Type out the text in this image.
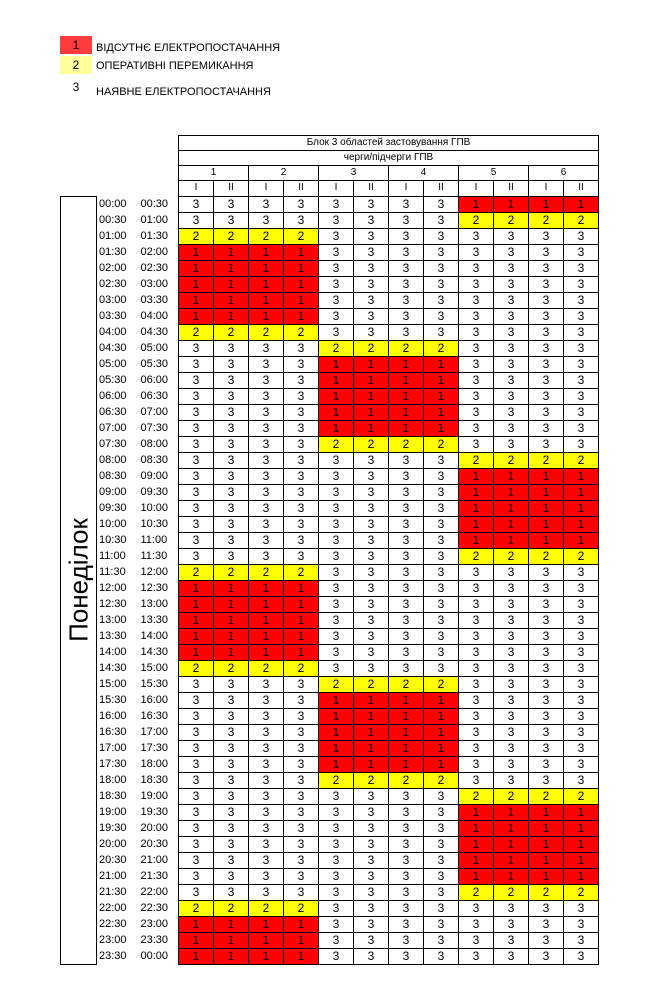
1	ВІДСУТНЄ ЕЛЕКТРОПОСТАЧАННЯ
2	ОПЕРАТИВНІ ПЕРЕМИКАННЯ
3	НАЯВНЕ ЕЛЕКТРОПОСТАЧАННЯ
			Блок 3 областей застовування ГПВ											
			черги/підчерги ГПВ											
			1		2		3		4		5		6	
			I	II	I	II	I	II	I	II	I	II	I	II

Понеділок	00:00	00:30	3	3	3	3	3	3	3	3	1	1	1	1
	00:30	01:00	3	3	3	3	3	3	3	3	2	2	2	2
	01:00	01:30	2	2	2	2	3	3	3	3	3	3	3	3
	01:30	02:00	1	1	1	1	3	3	3	3	3	3	3	3
	02:00	02:30	1	1	1	1	3	3	3	3	3	3	3	3
	02:30	03:00	1	1	1	1	3	3	3	3	3	3	3	3
	03:00	03:30	1	1	1	1	3	3	3	3	3	3	3	3
	03:30	04:00	1	1	1	1	3	3	3	3	3	3	3	3
	04:00	04:30	2	2	2	2	3	3	3	3	3	3	3	3
	04:30	05:00	3	3	3	3	2	2	2	2	3	3	3	3
	05:00	05:30	3	3	3	3	1	1	1	1	3	3	3	3
	05:30	06:00	3	3	3	3	1	1	1	1	3	3	3	3
	06:00	06:30	3	3	3	3	1	1	1	1	3	3	3	3
	06:30	07:00	3	3	3	3	1	1	1	1	3	3	3	3
	07:00	07:30	3	3	3	3	1	1	1	1	3	3	3	3
	07:30	08:00	3	3	3	3	2	2	2	2	3	3	3	3
	08:00	08:30	3	3	3	3	3	3	3	3	2	2	2	2
	08:30	09:00	3	3	3	3	3	3	3	3	1	1	1	1
	09:00	09:30	3	3	3	3	3	3	3	3	1	1	1	1
	09:30	10:00	3	3	3	3	3	3	3	3	1	1	1	1
	10:00	10:30	3	3	3	3	3	3	3	3	1	1	1	1
	10:30	11:00	3	3	3	3	3	3	3	3	1	1	1	1
	11:00	11:30	3	3	3	3	3	3	3	3	2	2	2	2
	11:30	12:00	2	2	2	2	3	3	3	3	3	3	3	3
	12:00	12:30	1	1	1	1	3	3	3	3	3	3	3	3
	12:30	13:00	1	1	1	1	3	3	3	3	3	3	3	3
	13:00	13:30	1	1	1	1	3	3	3	3	3	3	3	3
	13:30	14:00	1	1	1	1	3	3	3	3	3	3	3	3
	14:00	14:30	1	1	1	1	3	3	3	3	3	3	3	3
	14:30	15:00	2	2	2	2	3	3	3	3	3	3	3	3
	15:00	15:30	3	3	3	3	2	2	2	2	3	3	3	3
	15:30	16:00	3	3	3	3	1	1	1	1	3	3	3	3
	16:00	16:30	3	3	3	3	1	1	1	1	3	3	3	3
	16:30	17:00	3	3	3	3	1	1	1	1	3	3	3	3
	17:00	17:30	3	3	3	3	1	1	1	1	3	3	3	3
	17:30	18:00	3	3	3	3	1	1	1	1	3	3	3	3
	18:00	18:30	3	3	3	3	2	2	2	2	3	3	3	3
	18:30	19:00	3	3	3	3	3	3	3	3	2	2	2	2
	19:00	19:30	3	3	3	3	3	3	3	3	1	1	1	1
	19:30	20:00	3	3	3	3	3	3	3	3	1	1	1	1
	20:00	20:30	3	3	3	3	3	3	3	3	1	1	1	1
	20:30	21:00	3	3	3	3	3	3	3	3	1	1	1	1
	21:00	21:30	3	3	3	3	3	3	3	3	1	1	1	1
	21:30	22:00	3	3	3	3	3	3	3	3	2	2	2	2
	22:00	22:30	2	2	2	2	3	3	3	3	3	3	3	3
	22:30	23:00	1	1	1	1	3	3	3	3	3	3	3	3
	23:00	23:30	1	1	1	1	3	3	3	3	3	3	3	3
	23:30	00:00	1	1	1	1	3	3	3	3	3	3	3	3
